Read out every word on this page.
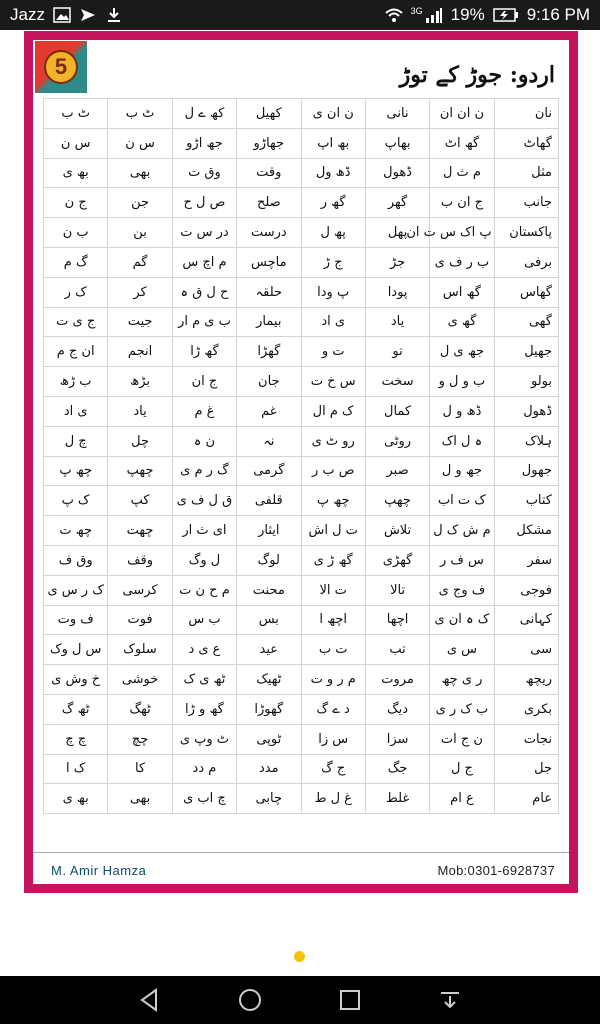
Jazz	3G 19% 9:16 PM
5	اردو: جوڑ کے توڑ
نان	ن ان ان	نانی	ن ان ی	کھیل	کھ ے ل	ٹ ب	ٹ ب
گھاٹ	گھ اٹ	بھاپ	بھ اپ	جھاڑو	جھ اڑو	س ن	س ن
مثل	م ث ل	ڈھول	ڈھ ول	وقت	وق ت	بھی	بھ ی
جانب	ج ان ب	گھر	گھ ر	صلح	ص ل ح	جن	ج ن
پاکستان	پ اک س ت ان	پھل	پھ ل	درست	در س ت	بن	ب ن
برفی	ب ر ف ی	جڑ	ج ڑ	ماچس	م اچ س	گم	گ م
گھاس	گھ اس	پودا	پ ودا	حلقہ	ح ل ق ہ	کر	ک ر
گھی	گھ ی	یاد	ی اد	بیمار	ب ی م ار	جیت	ج ی ت
جھیل	جھ ی ل	تو	ت و	گھڑا	گھ ڑا	انجم	ان ج م
بولو	ب و ل و	سخت	س خ ت	جان	ج ان	بڑھ	ب ڑھ
ڈھول	ڈھ و ل	کمال	ک م ال	غم	غ م	یاد	ی اد
ہلاک	ہ ل اک	روٹی	رو ٹ ی	نہ	ن ہ	چل	چ ل
جھول	جھ و ل	صبر	ص ب ر	گرمی	گ ر م ی	چھپ	چھ پ
کتاب	ک ت اب	چھپ	چھ پ	قلفی	ق ل ف ی	کپ	ک پ
مشکل	م ش ک ل	تلاش	ت ل اش	ایثار	ای ث ار	چھت	چھ ت
سفر	س ف ر	گھڑی	گھ ڑ ی	لوگ	ل وگ	وقف	وق ف
فوجی	ف وج ی	تالا	ت الا	محنت	م ح ن ت	کرسی	ک ر س ی
کہانی	ک ہ ان ی	اچھا	اچھ ا	بس	ب س	فوت	ف وت
سی	س ی	تب	ت ب	عید	ع ی د	سلوک	س ل وک
ریچھ	ر ی چھ	مروت	م ر و ت	ٹھیک	ٹھ ی ک	خوشی	خ وش ی
بکری	ب ک ر ی	دیگ	د ے گ	گھوڑا	گھ و ڑا	ٹھگ	ٹھ گ
نجات	ن ج ات	سزا	س زا	ٹوپی	ٹ وپ ی	چچ	چ چ
جل	ج ل	جگ	ج گ	مدد	م دد	کا	ک ا
عام	ع ام	غلط	غ ل ط	چابی	چ اب ی	بھی	بھ ی
M. Amir Hamza	Mob:0301-6928737
